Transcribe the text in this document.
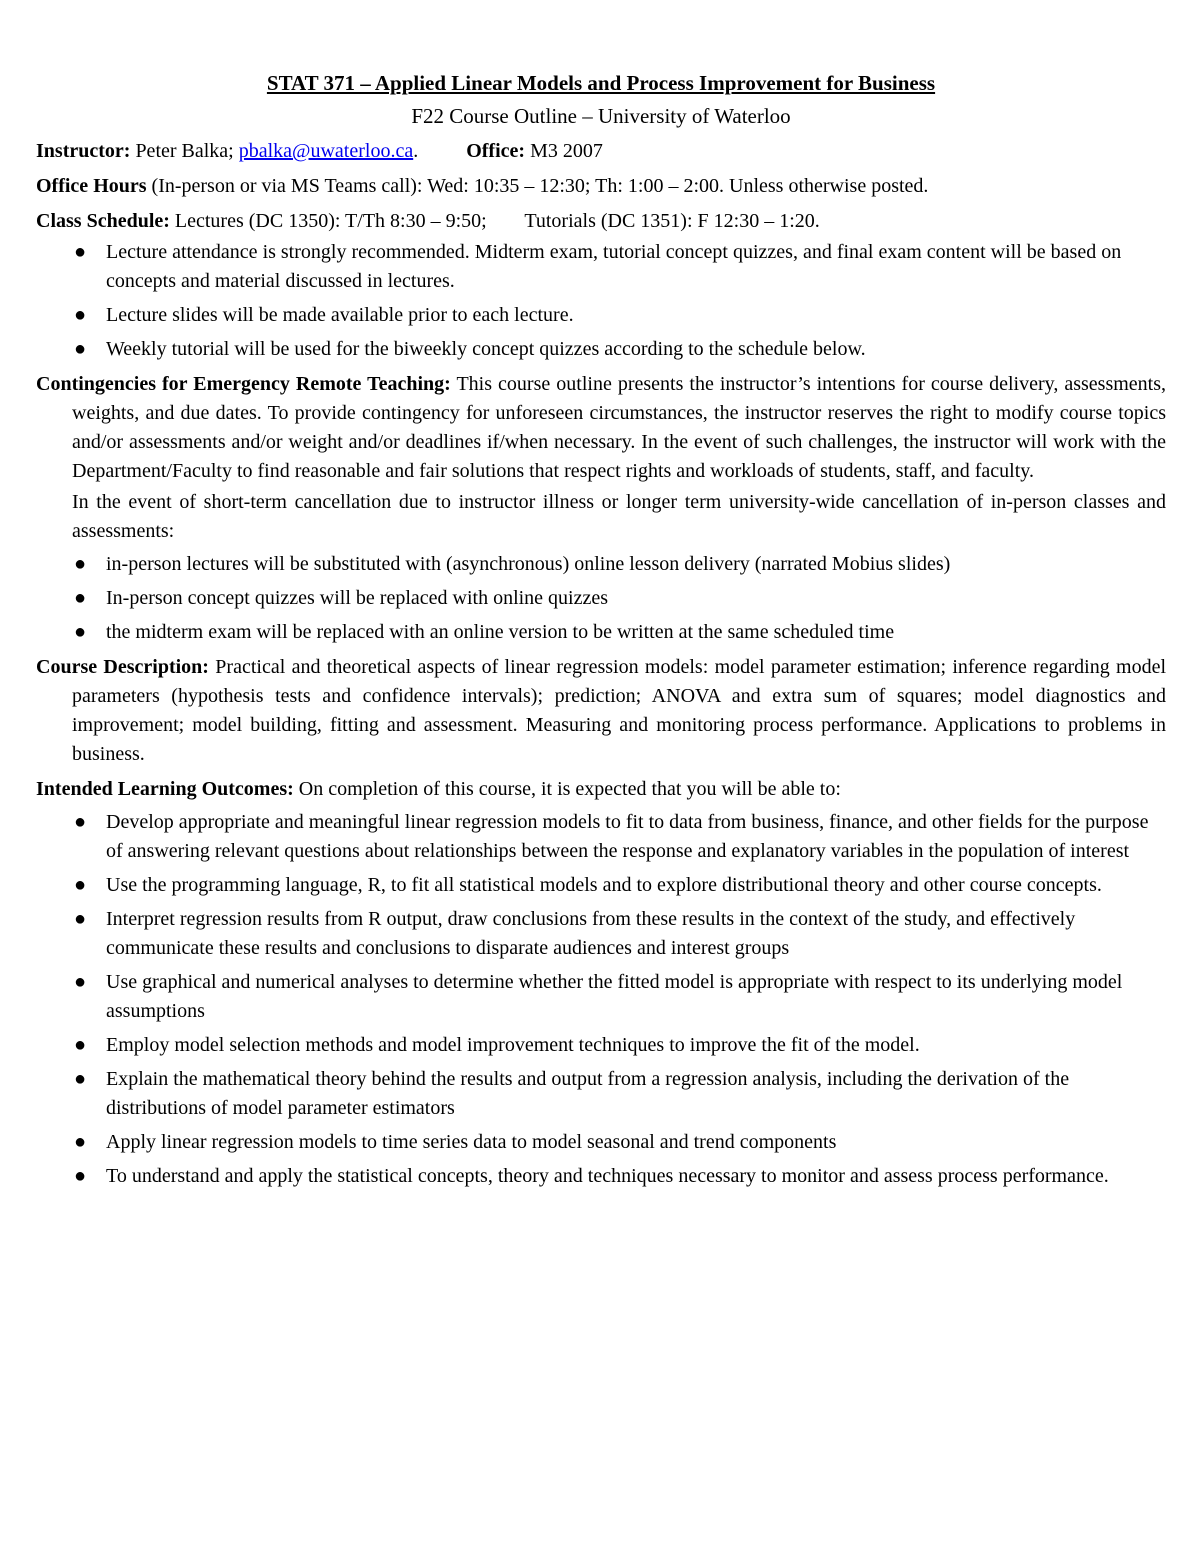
STAT 371 – Applied Linear Models and Process Improvement for Business
F22 Course Outline – University of Waterloo
Instructor: Peter Balka; pbalka@uwaterloo.ca. Office: M3 2007
Office Hours (In-person or via MS Teams call): Wed: 10:35 – 12:30; Th: 1:00 – 2:00. Unless otherwise posted.
Class Schedule: Lectures (DC 1350): T/Th 8:30 – 9:50; Tutorials (DC 1351): F 12:30 – 1:20.
● Lecture attendance is strongly recommended. Midterm exam, tutorial concept quizzes, and final exam content will be based on concepts and material discussed in lectures.
● Lecture slides will be made available prior to each lecture.
● Weekly tutorial will be used for the biweekly concept quizzes according to the schedule below.

Contingencies for Emergency Remote Teaching: This course outline presents the instructor’s intentions for course delivery, assessments, weights, and due dates. To provide contingency for unforeseen circumstances, the instructor reserves the right to modify course topics and/or assessments and/or weight and/or deadlines if/when necessary. In the event of such challenges, the instructor will work with the Department/Faculty to find reasonable and fair solutions that respect rights and workloads of students, staff, and faculty.

In the event of short-term cancellation due to instructor illness or longer term university-wide cancellation of in-person classes and assessments:

● in-person lectures will be substituted with (asynchronous) online lesson delivery (narrated Mobius slides)
● In-person concept quizzes will be replaced with online quizzes
● the midterm exam will be replaced with an online version to be written at the same scheduled time

Course Description: Practical and theoretical aspects of linear regression models: model parameter estimation; inference regarding model parameters (hypothesis tests and confidence intervals); prediction; ANOVA and extra sum of squares; model diagnostics and improvement; model building, fitting and assessment. Measuring and monitoring process performance. Applications to problems in business.

Intended Learning Outcomes: On completion of this course, it is expected that you will be able to:
● Develop appropriate and meaningful linear regression models to fit to data from business, finance, and other fields for the purpose of answering relevant questions about relationships between the response and explanatory variables in the population of interest
● Use the programming language, R, to fit all statistical models and to explore distributional theory and other course concepts.
● Interpret regression results from R output, draw conclusions from these results in the context of the study, and effectively communicate these results and conclusions to disparate audiences and interest groups
● Use graphical and numerical analyses to determine whether the fitted model is appropriate with respect to its underlying model assumptions
● Employ model selection methods and model improvement techniques to improve the fit of the model.
● Explain the mathematical theory behind the results and output from a regression analysis, including the derivation of the distributions of model parameter estimators
● Apply linear regression models to time series data to model seasonal and trend components
● To understand and apply the statistical concepts, theory and techniques necessary to monitor and assess process performance.
